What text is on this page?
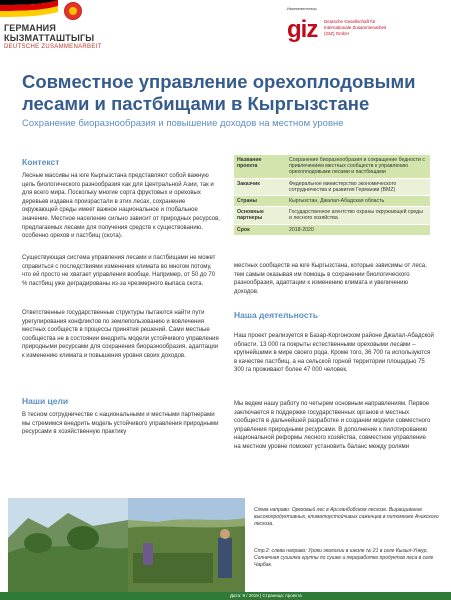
ГЕРМАНИЯ
КЫЗМАТТАШТЫГЫ
DEUTSCHE ZUSAMMENARBEIT
Имплементатор
giz Deutsche Gesellschaft für Internationale Zusammenarbeit (GIZ) GmbH
Совместное управление орехоплодовыми лесами и пастбищами в Кыргызстане
Сохранение биоразнообразия и повышение доходов на местном уровне
Контекст
Лесные массивы на юге Кыргызстана представляют собой важную цепь биологического разнообразия как для Центральной Азии, так и для всего мира. Поскольку многие сорта фруктовых и ореховых деревьев издавна произрастали в этих лесах, сохранение окружающей среды имеет важное национальное и глобальное значение. Местное население сильно зависит от природных ресурсов, предлагаемых лесами для получения средств к существованию, особенно орехов и пастбищ (скота).
Существующая система управления лесами и пастбищами не может справиться с последствиями изменения климата во многом потому, что ей просто не хватает управления вообще. Например, от 50 до 70 % пастбищ уже деградированы из-за чрезмерного выпаса скота.
Ответственные государственные структуры пытаются найти пути урегулирования конфликтов по землепользованию и вовлечения местных сообществ в процессы принятия решений. Сами местные сообщества не в состоянии внедрить модели устойчивого управления природными ресурсами для сохранения биоразнообразия, адаптации к изменению климата и повышения уровня своих доходов.
Наши цели
В тесном сотрудничестве с национальными и местными партнерами мы стремимся внедрить модель устойчивого управления природными ресурсами в хозяйственную практику
Название проекта	Сохранение биоразнообразия и сокращение бедности с привлечением местных сообществ к управлению орехоплодовыми лесами и пастбищами
Заказчик	Федеральное министерство экономического сотрудничества и развития Германии (BMZ)
Страны	Кыргызстан, Джалал-Абадская область
Основные партнеры	Государственное агентство охраны окружающей среды и лесного хозяйства
Срок	2018-2020
местных сообществ на юге Кыргызстана, которые зависимы от леса, тем самым оказывая им помощь в сохранении биологического разнообразия, адаптации к изменению климата и увеличению доходов.
Наша деятельность
Наш проект реализуется в Базар-Коргонском районе Джалал-Абадской области. 13 000 га покрыты естественными ореховыми лесами – крупнейшими в мире своего рода. Кроме того, 36 700 га используются в качестве пастбищ, а на сельской горной территории площадью 75 300 га проживают более 47 000 человек.
Мы ведем нашу работу по четырем основным направлениям. Первое заключается в поддержке государственных органов и местных сообществ в дальнейшей разработке и создании модели совместного управления природными ресурсами. В дополнение к пилотированию национальной реформы лесного хозяйства, совместное управление на местном уровне поможет установить баланс между ролями
Слева направо: Ореховый лес в Арсланбобском лесхозе. Выращивание высокопродуктивных, климатоустойчивых саженцев в питомнике Ачикского лесхоза.
Стр.2: слева направо: Уроки экологии в школе № 21 в селе Кызыл-Ункур. Солнечная сушилка группы по сушке и переработке продуктов леса в селе Чарбак.
Дата: 9 / 2019 | Страница: проекта
